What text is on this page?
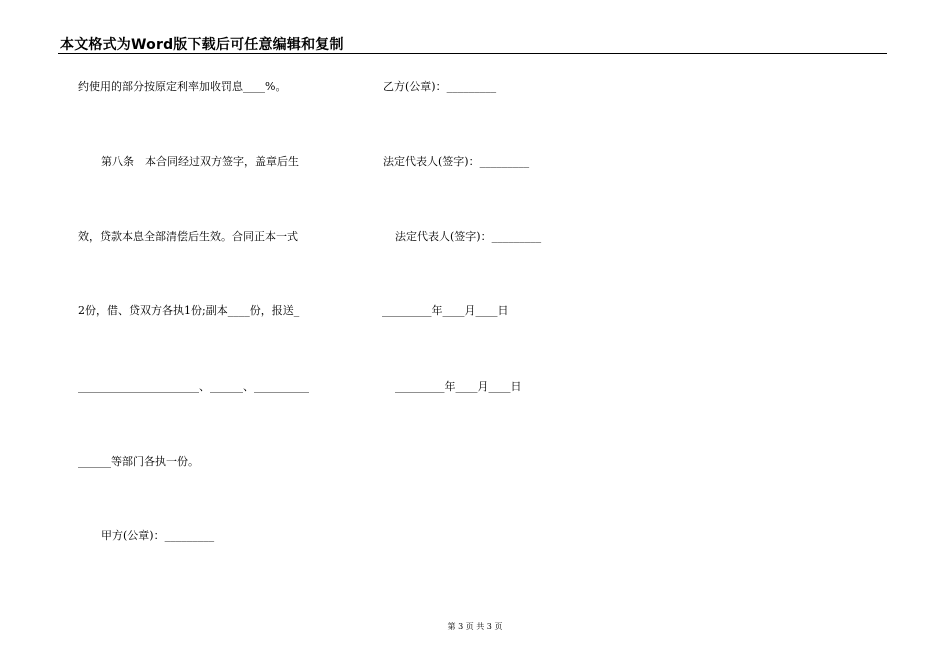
本文格式为Word版下载后可任意编辑和复制
约使用的部分按原定利率加收罚息____%。
第八条　本合同经过双方签字，盖章后生
效，贷款本息全部清偿后生效。合同正本一式
2份，借、贷双方各执1份;副本____份，报送_
______________________、______、__________
______等部门各执一份。
甲方(公章)：_________
乙方(公章)：_________
法定代表人(签字)：_________
法定代表人(签字)：_________
_________年____月____日
_________年____月____日
第 3 页 共 3 页
